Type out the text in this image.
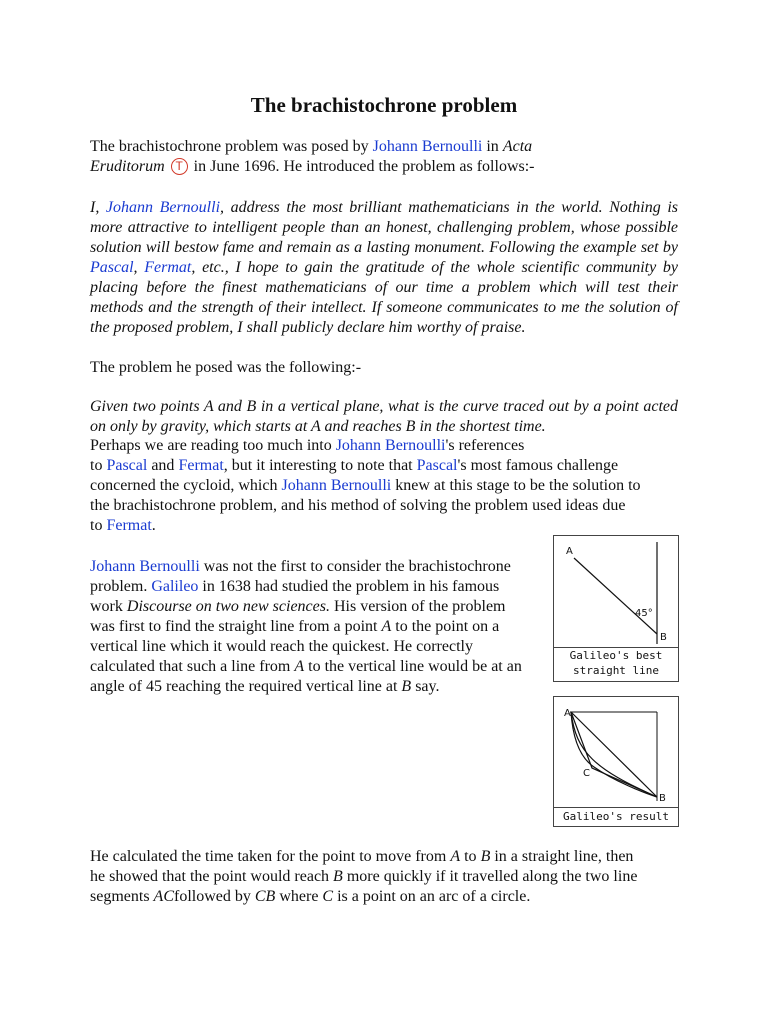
The brachistochrone problem
The brachistochrone problem was posed by Johann Bernoulli in Acta
Eruditorum T in June 1696. He introduced the problem as follows:-

I, Johann Bernoulli, address the most brilliant mathematicians in the world. Nothing is more attractive to intelligent people than an honest, challenging problem, whose possible solution will bestow fame and remain as a lasting monument. Following the example set by Pascal, Fermat, etc., I hope to gain the gratitude of the whole scientific community by placing before the finest mathematicians of our time a problem which will test their methods and the strength of their intellect. If someone communicates to me the solution of the proposed problem, I shall publicly declare him worthy of praise.

The problem he posed was the following:-

Given two points A and B in a vertical plane, what is the curve traced out by a point acted on only by gravity, which starts at A and reaches B in the shortest time.

Perhaps we are reading too much into Johann Bernoulli's references
to Pascal and Fermat, but it interesting to note that Pascal's most famous challenge
concerned the cycloid, which Johann Bernoulli knew at this stage to be the solution to
the brachistochrone problem, and his method of solving the problem used ideas due
to Fermat.
Johann Bernoulli was not the first to consider the brachistochrone
problem. Galileo in 1638 had studied the problem in his famous
work Discourse on two new sciences. His version of the problem
was first to find the straight line from a point A to the point on a
vertical line which it would reach the quickest. He correctly
calculated that such a line from A to the vertical line would be at an
angle of 45 reaching the required vertical line at B say.
A
B
45°
Galileo's best
straight line
A
C
B
Galileo's result
He calculated the time taken for the point to move from A to B in a straight line, then
he showed that the point would reach B more quickly if it travelled along the two line
segments ACfollowed by CB where C is a point on an arc of a circle.
